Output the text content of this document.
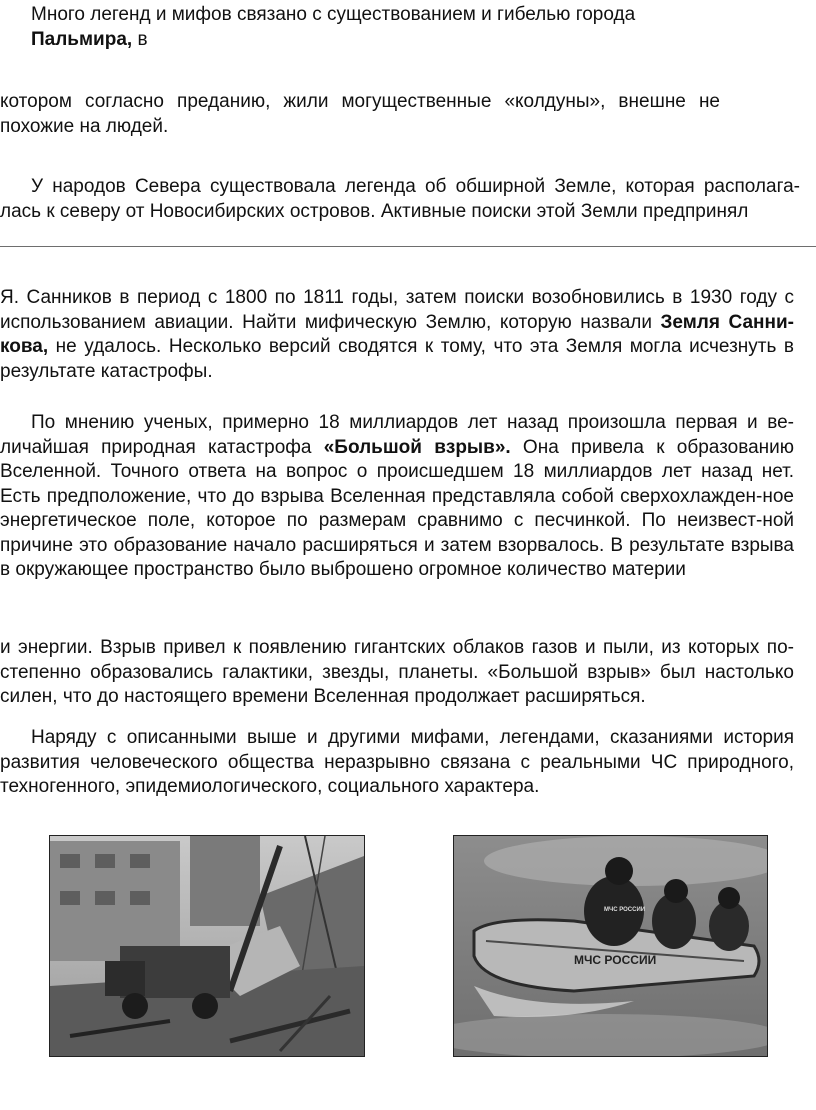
Много легенд и мифов связано с существованием и гибелью города
Пальмира, в

котором согласно преданию, жили могущественные «колдуны», внешне не похожие на людей.

У народов Севера существовала легенда об обширной Земле, которая располага-
лась к северу от Новосибирских островов. Активные поиски этой Земли предпринял

Я. Санников в период с 1800 по 1811 годы, затем поиски возобновились в 1930 году с использованием авиации. Найти мифическую Землю, которую назвали Земля Санни-кова, не удалось. Несколько версий сводятся к тому, что эта Земля могла исчезнуть в результате катастрофы.

По мнению ученых, примерно 18 миллиардов лет назад произошла первая и ве-личайшая природная катастрофа «Большой взрыв». Она привела к образованию Вселенной. Точного ответа на вопрос о происшедшем 18 миллиардов лет назад нет. Есть предположение, что до взрыва Вселенная представляла собой сверхохлажден-ное энергетическое поле, которое по размерам сравнимо с песчинкой. По неизвест-ной причине это образование начало расширяться и затем взорвалось. В результате взрыва в окружающее пространство было выброшено огромное количество материи

и энергии. Взрыв привел к появлению гигантских облаков газов и пыли, из которых по-степенно образовались галактики, звезды, планеты. «Большой взрыв» был настолько силен, что до настоящего времени Вселенная продолжает расширяться.

Наряду с описанными выше и другими мифами, легендами, сказаниями история развития человеческого общества неразрывно связана с реальными ЧС природного, техногенного, эпидемиологического, социального характера.

МЧС РОССИИ
МЧС РОССИИ
